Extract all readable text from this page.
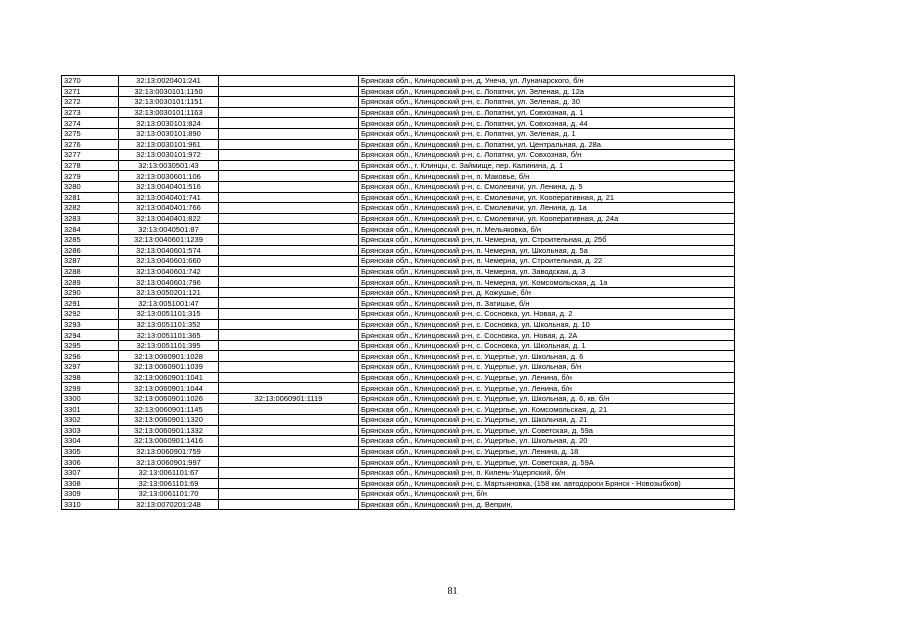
3270	32:13:0020401:241		Брянская обл., Клинцовский р-н, д. Унеча, ул. Луначарского, б/н
3271	32:13:0030101:1150		Брянская обл., Клинцовский р-н, с. Лопатни, ул. Зеленая, д. 12а
3272	32:13:0030101:1151		Брянская обл., Клинцовский р-н, с. Лопатни, ул. Зеленая, д. 30
3273	32:13:0030101:1163		Брянская обл., Клинцовский р-н, с. Лопатни, ул. Совхозная, д. 1
3274	32:13:0030101:824		Брянская обл., Клинцовский р-н, с. Лопатни, ул. Совхозная, д. 44
3275	32:13:0030101:890		Брянская обл., Клинцовский р-н, с. Лопатни, ул. Зеленая, д. 1
3276	32:13:0030101:961		Брянская обл., Клинцовский р-н, с. Лопатни, ул. Центральная, д. 28а
3277	32:13:0030101:972		Брянская обл., Клинцовский р-н, с. Лопатни, ул. Совхозная, б/н
3278	32:13:0030501:43		Брянская обл., г. Клинцы, с. Займище, пер. Калинина, д. 1
3279	32:13:0030601:106		Брянская обл., Клинцовский р-н, п. Маковье, б/н
3280	32:13:0040401:516		Брянская обл., Клинцовский р-н, с. Смолевичи, ул. Ленина, д. 5
3281	32:13:0040401:741		Брянская обл., Клинцовский р-н, с. Смолевичи, ул. Кооперативная, д. 21
3282	32:13:0040401:766		Брянская обл., Клинцовский р-н, с. Смолевичи, ул. Ленина, д. 1а
3283	32:13:0040401:822		Брянская обл., Клинцовский р-н, с. Смолевичи, ул. Кооперативная, д. 24а
3284	32:13:0040501:87		Брянская обл., Клинцовский р-н, п. Мельяковка, б/н
3285	32:13:0040601:1239		Брянская обл., Клинцовский р-н, п. Чемерна, ул. Строительная, д. 25б
3286	32:13:0040601:574		Брянская обл., Клинцовский р-н, п. Чемерна, ул. Школьная, д. 5а
3287	32:13:0040601:660		Брянская обл., Клинцовский р-н, п. Чемерна, ул. Строительная, д. 22
3288	32:13:0040601:742		Брянская обл., Клинцовский р-н, п. Чемерна, ул. Заводская, д. 3
3289	32:13:0040601:796		Брянская обл., Клинцовский р-н, п. Чемерна, ул. Комсомольская, д. 1а
3290	32:13:0050201:121		Брянская обл., Клинцовский р-н, д. Кожушье, б/н
3291	32:13:0051001:47		Брянская обл., Клинцовский р-н, п. Затишье, б/н
3292	32:13:0051101:315		Брянская обл., Клинцовский р-н, с. Сосновка, ул. Новая, д. 2
3293	32:13:0051101:352		Брянская обл., Клинцовский р-н, с. Сосновка, ул. Школьная, д. 10
3294	32:13:0051101:365		Брянская обл., Клинцовский р-н, с. Сосновка, ул. Новая, д. 2А
3295	32:13:0051101:395		Брянская обл., Клинцовский р-н, с. Сосновка, ул. Школьная, д. 1
3296	32:13:0060901:1028		Брянская обл., Клинцовский р-н, с. Ущерпье, ул. Школьная, д. 6
3297	32:13:0060901:1039		Брянская обл., Клинцовский р-н, с. Ущерпье, ул. Школьная, б/н
3298	32:13:0060901:1041		Брянская обл., Клинцовский р-н, с. Ущерпье, ул. Ленина, б/н
3299	32:13:0060901:1044		Брянская обл., Клинцовский р-н, с. Ущерпье, ул. Ленина, б/н
3300	32:13:0060901:1026	32:13:0060901:1119	Брянская обл., Клинцовский р-н, с. Ущерпье, ул. Школьная, д. 6, кв. б/н
3301	32:13:0060901:1145		Брянская обл., Клинцовский р-н, с. Ущерпье, ул. Комсомольская, д. 21
3302	32:13:0060901:1320		Брянская обл., Клинцовский р-н, с. Ущерпье, ул. Школьная, д. 21
3303	32:13:0060901:1332		Брянская обл., Клинцовский р-н, с. Ущерпье, ул. Советская, д. 59а
3304	32:13:0060901:1416		Брянская обл., Клинцовский р-н, с. Ущерпье, ул. Школьная, д. 20
3305	32:13:0060901:759		Брянская обл., Клинцовский р-н, с. Ущерпье, ул. Ленина, д. 18
3306	32:13:0060901:997		Брянская обл., Клинцовский р-н, с. Ущерпье, ул. Советская, д. 59А
3307	32:13:0061101:67		Брянская обл., Клинцовский р-н, п. Килень-Ущерпский, б/н
3308	32:13:0061101:69		Брянская обл., Клинцовский р-н, с. Мартьяновка, (158 км. автодороги Брянск - Новозыбков)
3309	32:13:0061101:70		Брянская обл., Клинцовский р-н, б/н
3310	32:13:0070201:248		Брянская обл., Клинцовский р-н, д. Веприн,
81
